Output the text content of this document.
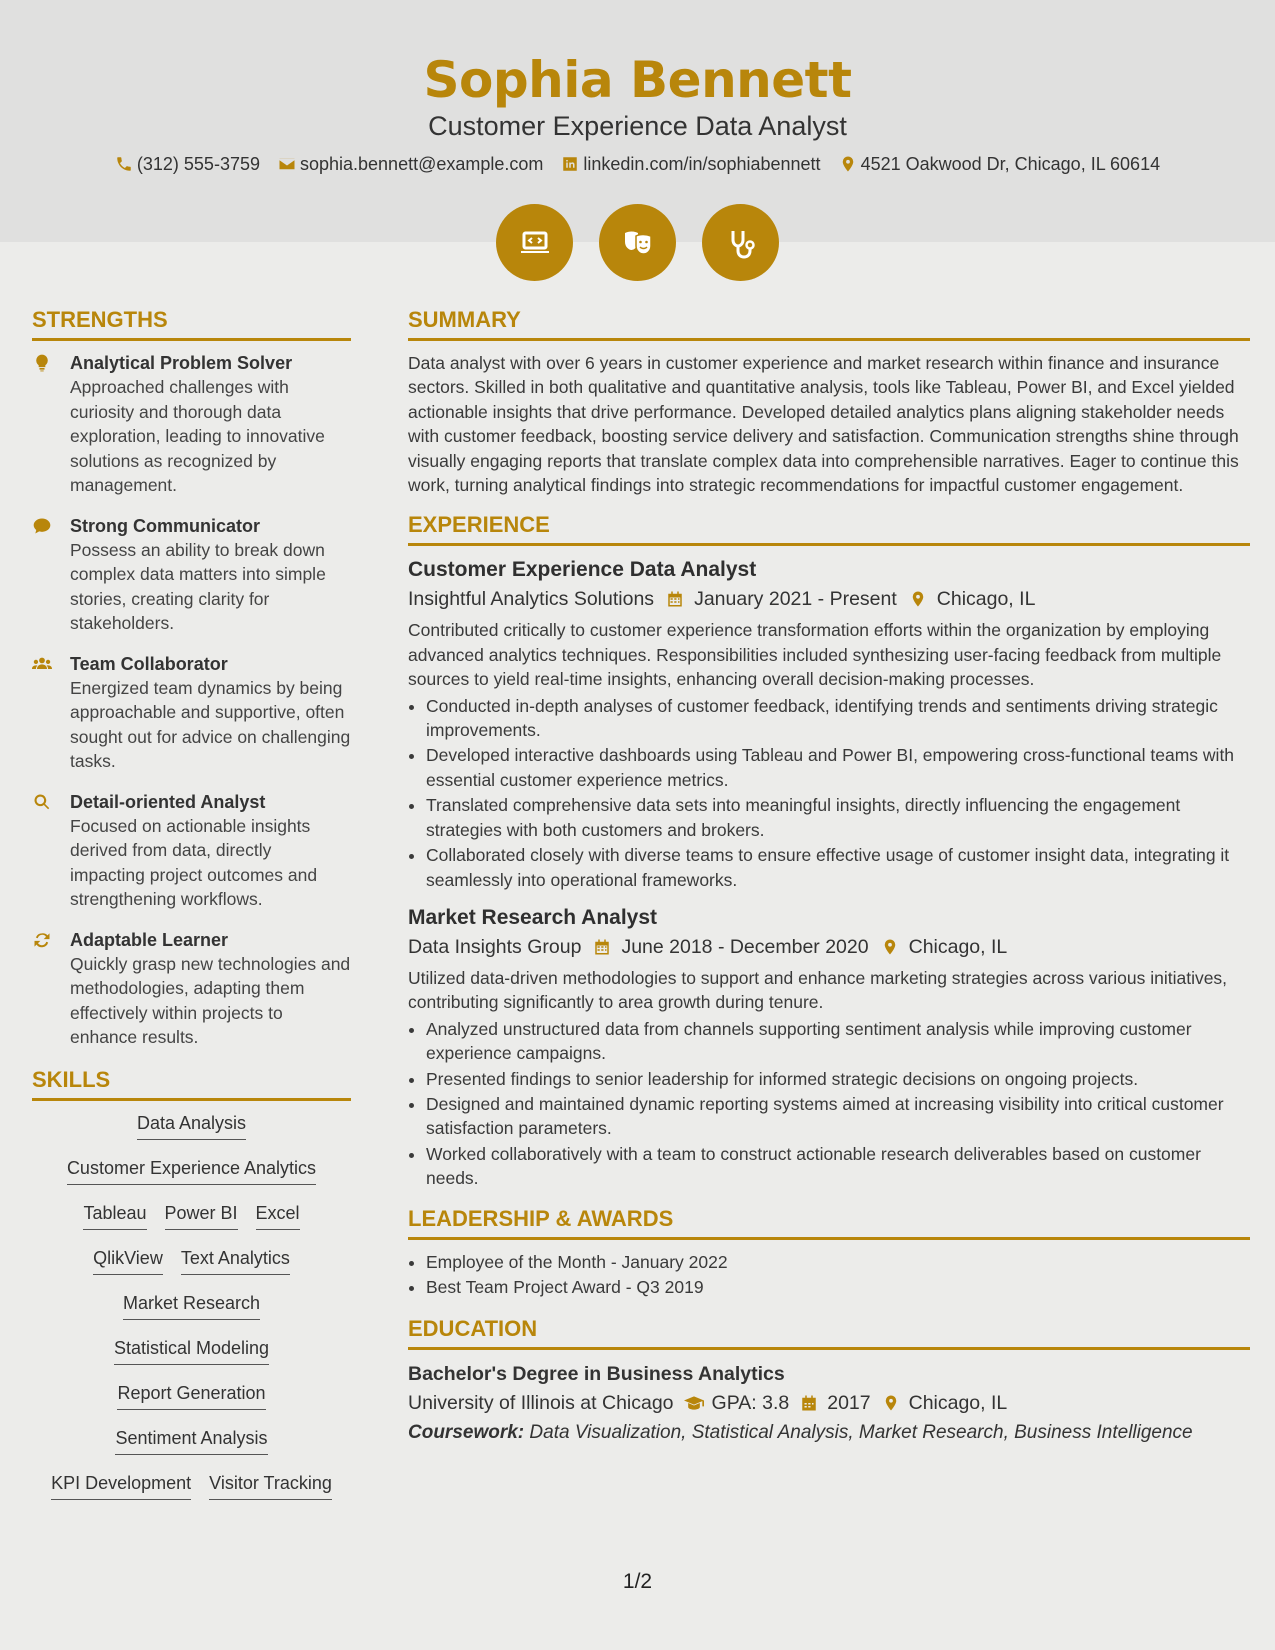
Sophia Bennett
Customer Experience Data Analyst
(312) 555-3759 sophia.bennett@example.com linkedin.com/in/sophiabennett 4521 Oakwood Dr, Chicago, IL 60614
STRENGTHS
Analytical Problem Solver
Approached challenges with curiosity and thorough data exploration, leading to innovative solutions as recognized by management.
Strong Communicator
Possess an ability to break down complex data matters into simple stories, creating clarity for stakeholders.
Team Collaborator
Energized team dynamics by being approachable and supportive, often sought out for advice on challenging tasks.
Detail-oriented Analyst
Focused on actionable insights derived from data, directly impacting project outcomes and strengthening workflows.
Adaptable Learner
Quickly grasp new technologies and methodologies, adapting them effectively within projects to enhance results.
SKILLS
Data Analysis
Customer Experience Analytics
Tableau Power BI Excel
QlikView Text Analytics
Market Research
Statistical Modeling
Report Generation
Sentiment Analysis
KPI Development Visitor Tracking
SUMMARY
Data analyst with over 6 years in customer experience and market research within finance and insurance sectors. Skilled in both qualitative and quantitative analysis, tools like Tableau, Power BI, and Excel yielded actionable insights that drive performance. Developed detailed analytics plans aligning stakeholder needs with customer feedback, boosting service delivery and satisfaction. Communication strengths shine through visually engaging reports that translate complex data into comprehensible narratives. Eager to continue this work, turning analytical findings into strategic recommendations for impactful customer engagement.
EXPERIENCE
Customer Experience Data Analyst
Insightful Analytics Solutions January 2021 - Present Chicago, IL
Contributed critically to customer experience transformation efforts within the organization by employing advanced analytics techniques. Responsibilities included synthesizing user-facing feedback from multiple sources to yield real-time insights, enhancing overall decision-making processes.
• Conducted in-depth analyses of customer feedback, identifying trends and sentiments driving strategic improvements.
• Developed interactive dashboards using Tableau and Power BI, empowering cross-functional teams with essential customer experience metrics.
• Translated comprehensive data sets into meaningful insights, directly influencing the engagement strategies with both customers and brokers.
• Collaborated closely with diverse teams to ensure effective usage of customer insight data, integrating it seamlessly into operational frameworks.
Market Research Analyst
Data Insights Group June 2018 - December 2020 Chicago, IL
Utilized data-driven methodologies to support and enhance marketing strategies across various initiatives, contributing significantly to area growth during tenure.
• Analyzed unstructured data from channels supporting sentiment analysis while improving customer experience campaigns.
• Presented findings to senior leadership for informed strategic decisions on ongoing projects.
• Designed and maintained dynamic reporting systems aimed at increasing visibility into critical customer satisfaction parameters.
• Worked collaboratively with a team to construct actionable research deliverables based on customer needs.
LEADERSHIP & AWARDS
• Employee of the Month - January 2022
• Best Team Project Award - Q3 2019
EDUCATION
Bachelor's Degree in Business Analytics
University of Illinois at Chicago GPA: 3.8 2017 Chicago, IL
Coursework: Data Visualization, Statistical Analysis, Market Research, Business Intelligence
1/2
